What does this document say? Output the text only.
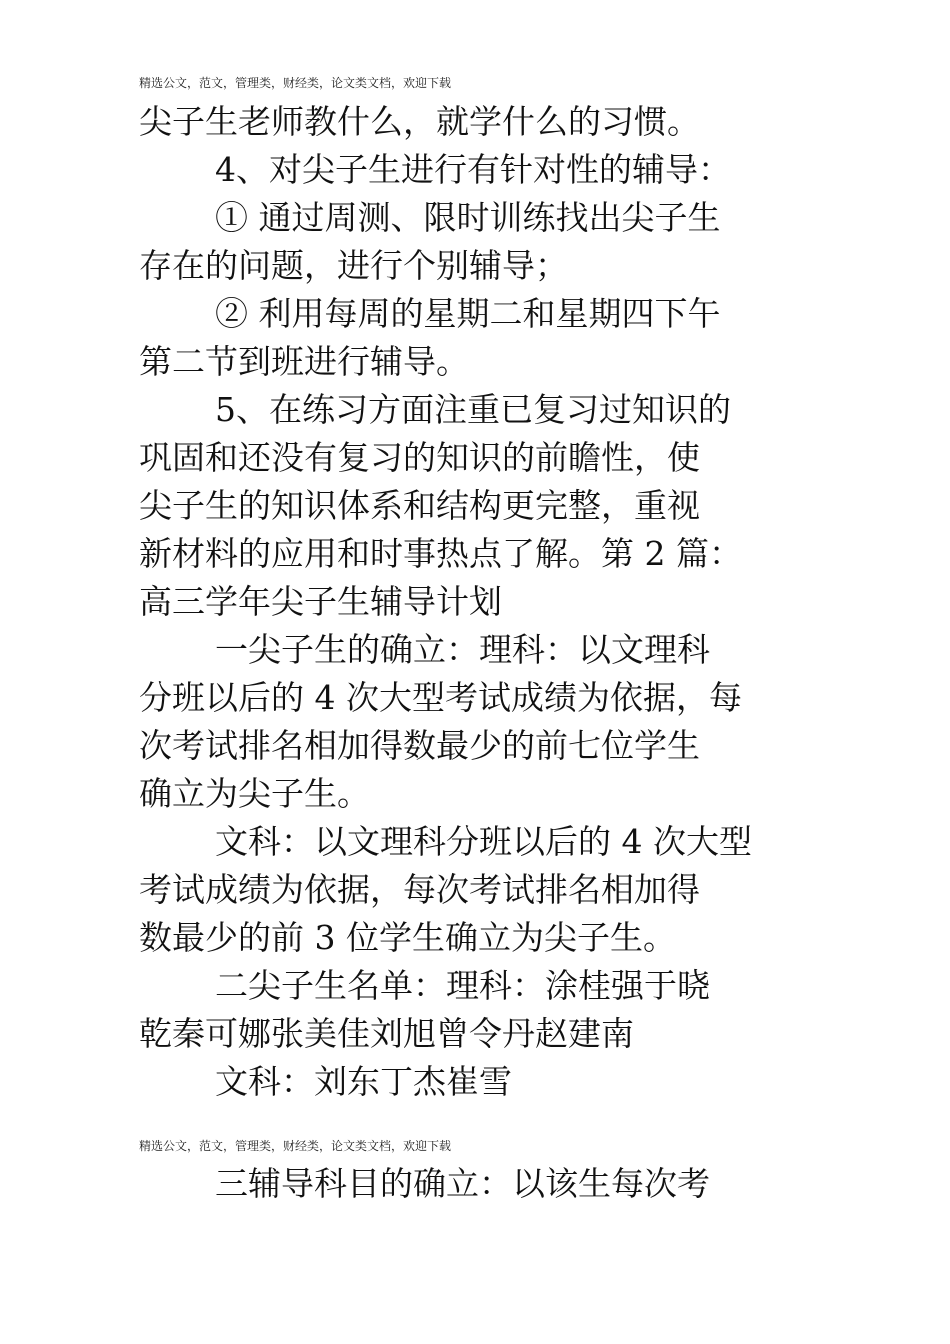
精选公文，范文，管理类，财经类，论文类文档，欢迎下载
尖子生老师教什么，就学什么的习惯。
4、对尖子生进行有针对性的辅导：
① 通过周测、限时训练找出尖子生
存在的问题，进行个别辅导；
② 利用每周的星期二和星期四下午
第二节到班进行辅导。
5、在练习方面注重已复习过知识的
巩固和还没有复习的知识的前瞻性，使
尖子生的知识体系和结构更完整，重视
新材料的应用和时事热点了解。第 2 篇：
高三学年尖子生辅导计划
一尖子生的确立：理科：以文理科
分班以后的 4 次大型考试成绩为依据，每
次考试排名相加得数最少的前七位学生
确立为尖子生。
文科：以文理科分班以后的 4 次大型
考试成绩为依据，每次考试排名相加得
数最少的前 3 位学生确立为尖子生。
二尖子生名单：理科：涂桂强于晓
乾秦可娜张美佳刘旭曾令丹赵建南
文科：刘东丁杰崔雪
精选公文，范文，管理类，财经类，论文类文档，欢迎下载
三辅导科目的确立：以该生每次考
